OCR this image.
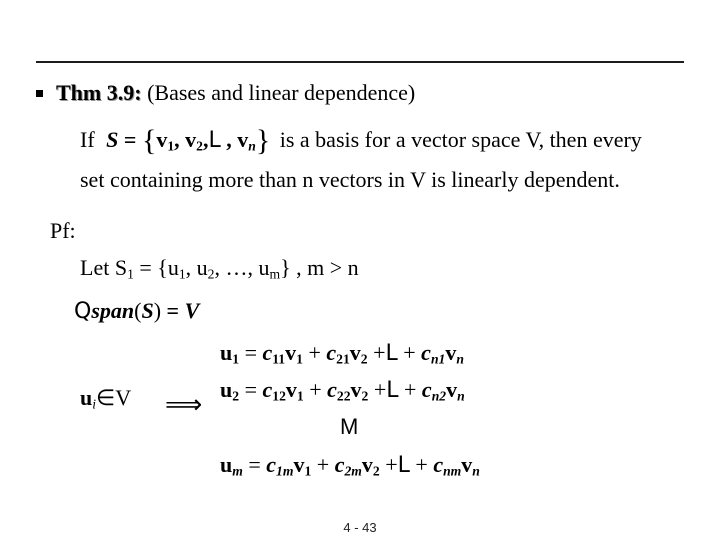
Thm 3.9: (Bases and linear dependence)
If $S = \{v_1$, $v_2,L$ , $v_n$} is a basis for a vector space V, then every
set containing more than n vectors in V is linearly dependent.
Pf:
Let $S_1 = \{u_1$, $u_2$, …, $u_m$} , m > n
Qspan(S) = V
$u_1 = c_{11}v_1 + c_{21}v_2 +L + c_{n1}v_n$
$u_2 = c_{12}v_1 + c_{22}v_2 +L + c_{n2}v_n$
$u_i\in V$ ⟹
M
$u_m = c_{1m}v_1 + c_{2m}v_2 +L + c_{nm}v_n$
4 - 43
